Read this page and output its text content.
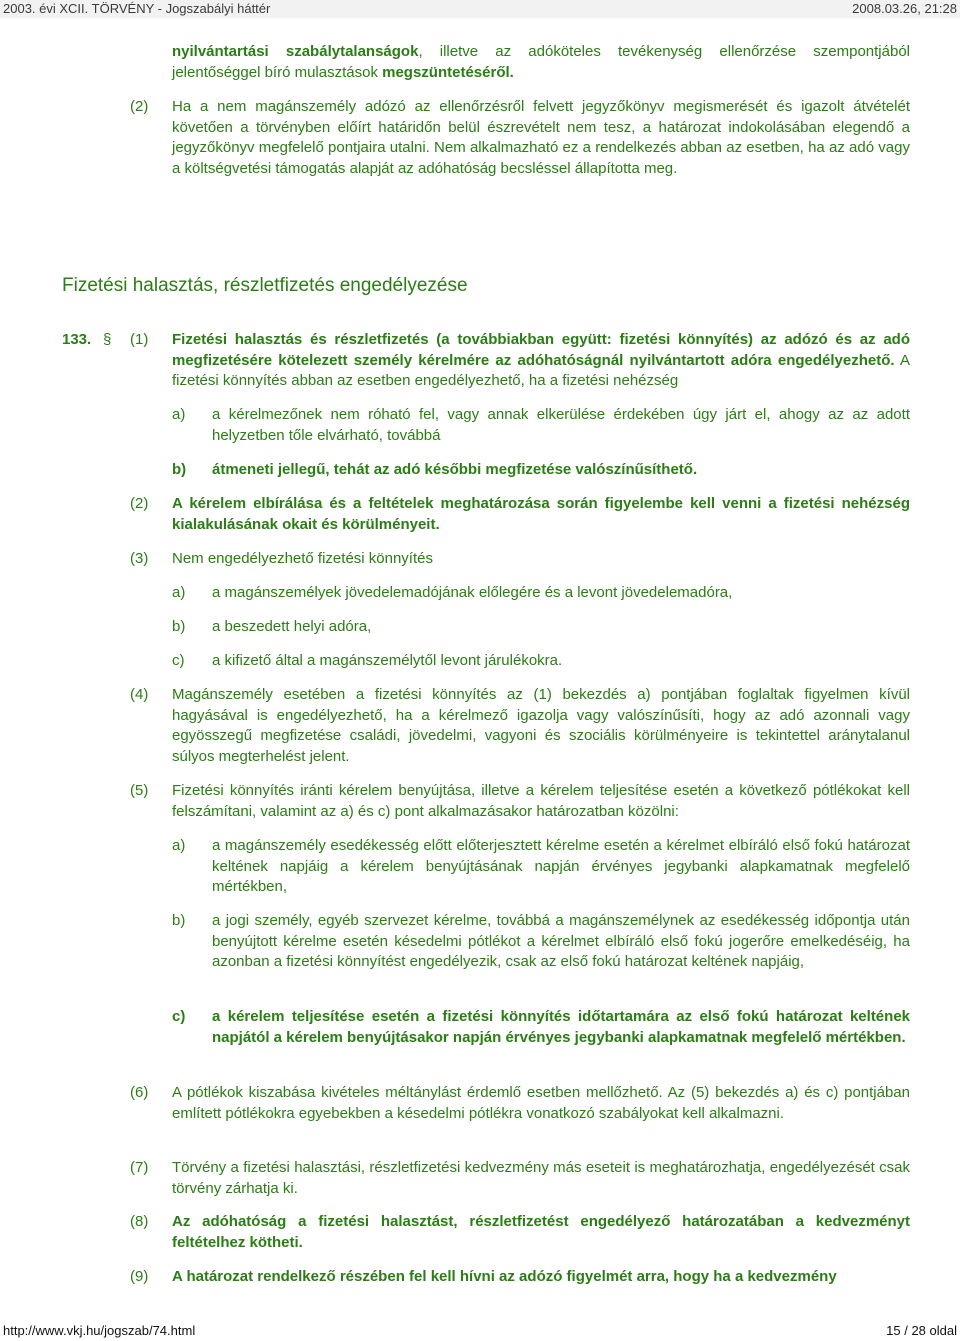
2003. évi XCII. TÖRVÉNY - Jogszabályi háttér	2008.03.26, 21:28
nyilvántartási szabálytalanságok, illetve az adóköteles tevékenység ellenőrzése szempontjából jelentőséggel bíró mulasztások megszüntetéséről.
(2) Ha a nem magánszemély adózó az ellenőrzésről felvett jegyzőkönyv megismerését és igazolt átvételét követően a törvényben előírt határidőn belül észrevételt nem tesz, a határozat indokolásában elegendő a jegyzőkönyv megfelelő pontjaira utalni. Nem alkalmazható ez a rendelkezés abban az esetben, ha az adó vagy a költségvetési támogatás alapját az adóhatóság becsléssel állapította meg.
Fizetési halasztás, részletfizetés engedélyezése
133. § (1) Fizetési halasztás és részletfizetés (a továbbiakban együtt: fizetési könnyítés) az adózó és az adó megfizetésére kötelezett személy kérelmére az adóhatóságnál nyilvántartott adóra engedélyezhető. A fizetési könnyítés abban az esetben engedélyezhető, ha a fizetési nehézség
a) a kérelmezőnek nem róható fel, vagy annak elkerülése érdekében úgy járt el, ahogy az az adott helyzetben tőle elvárható, továbbá
b) átmeneti jellegű, tehát az adó későbbi megfizetése valószínűsíthető.
(2) A kérelem elbírálása és a feltételek meghatározása során figyelembe kell venni a fizetési nehézség kialakulásának okait és körülményeit.
(3) Nem engedélyezhető fizetési könnyítés
a) a magánszemélyek jövedelemadójának előlegére és a levont jövedelemadóra,
b) a beszedett helyi adóra,
c) a kifizető által a magánszemélytől levont járulékokra.
(4) Magánszemély esetében a fizetési könnyítés az (1) bekezdés a) pontjában foglaltak figyelmen kívül hagyásával is engedélyezhető, ha a kérelmező igazolja vagy valószínűsíti, hogy az adó azonnali vagy egyösszegű megfizetése családi, jövedelmi, vagyoni és szociális körülményeire is tekintettel aránytalanul súlyos megterhelést jelent.
(5) Fizetési könnyítés iránti kérelem benyújtása, illetve a kérelem teljesítése esetén a következő pótlékokat kell felszámítani, valamint az a) és c) pont alkalmazásakor határozatban közölni:
a) a magánszemély esedékesség előtt előterjesztett kérelme esetén a kérelmet elbíráló első fokú határozat keltének napjáig a kérelem benyújtásának napján érvényes jegybanki alapkamatnak megfelelő mértékben,
b) a jogi személy, egyéb szervezet kérelme, továbbá a magánszemélynek az esedékesség időpontja után benyújtott kérelme esetén késedelmi pótlékot a kérelmet elbíráló első fokú jogerőre emelkedéséig, ha azonban a fizetési könnyítést engedélyezik, csak az első fokú határozat keltének napjáig,
c) a kérelem teljesítése esetén a fizetési könnyítés időtartamára az első fokú határozat keltének napjától a kérelem benyújtásakor napján érvényes jegybanki alapkamatnak megfelelő mértékben.
(6) A pótlékok kiszabása kivételes méltánylást érdemlő esetben mellőzhető. Az (5) bekezdés a) és c) pontjában említett pótlékokra egyebekben a késedelmi pótlékra vonatkozó szabályokat kell alkalmazni.
(7) Törvény a fizetési halasztási, részletfizetési kedvezmény más eseteit is meghatározhatja, engedélyezését csak törvény zárhatja ki.
(8) Az adóhatóság a fizetési halasztást, részletfizetést engedélyező határozatában a kedvezményt feltételhez kötheti.
(9) A határozat rendelkező részében fel kell hívni az adózó figyelmét arra, hogy ha a kedvezmény
http://www.vkj.hu/jogszab/74.html	15 / 28 oldal
